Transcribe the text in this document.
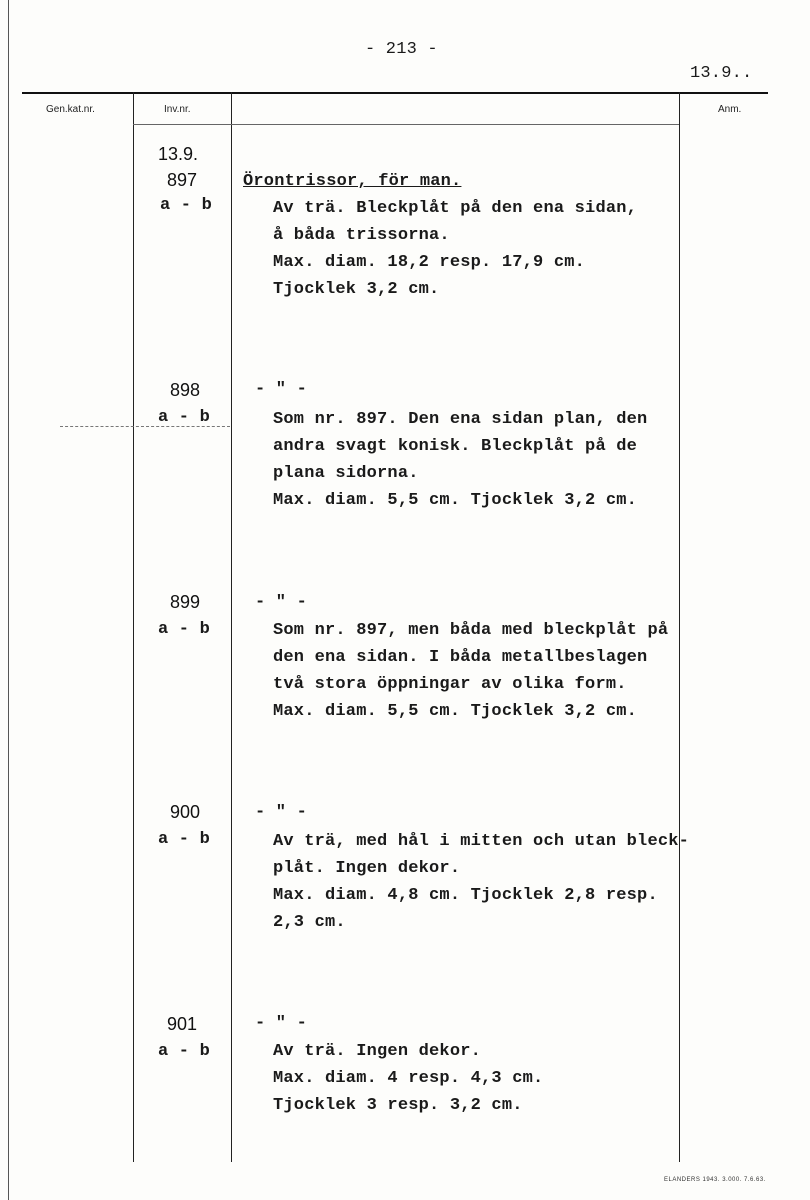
- 213 -
13.9..
Gen.kat.nr.	Inv.nr.	Anm.
13.9.
897
a - b
Örontrissor, för man.
Av trä. Bleckplåt på den ena sidan,
å båda trissorna.
Max. diam. 18,2 resp. 17,9 cm.
Tjocklek 3,2 cm.
898
a - b
- " -
Som nr. 897. Den ena sidan plan, den
andra svagt konisk. Bleckplåt på de
plana sidorna.
Max. diam. 5,5 cm. Tjocklek 3,2 cm.
899
a - b
- " -
Som nr. 897, men båda med bleckplåt på
den ena sidan. I båda metallbeslagen
två stora öppningar av olika form.
Max. diam. 5,5 cm. Tjocklek 3,2 cm.
900
a - b
- " -
Av trä, med hål i mitten och utan bleck-
plåt. Ingen dekor.
Max. diam. 4,8 cm. Tjocklek 2,8 resp.
2,3 cm.
901
a - b
- " -
Av trä. Ingen dekor.
Max. diam. 4 resp. 4,3 cm.
Tjocklek 3 resp. 3,2 cm.
ELANDERS 1943. 3.000. 7.6.63.
